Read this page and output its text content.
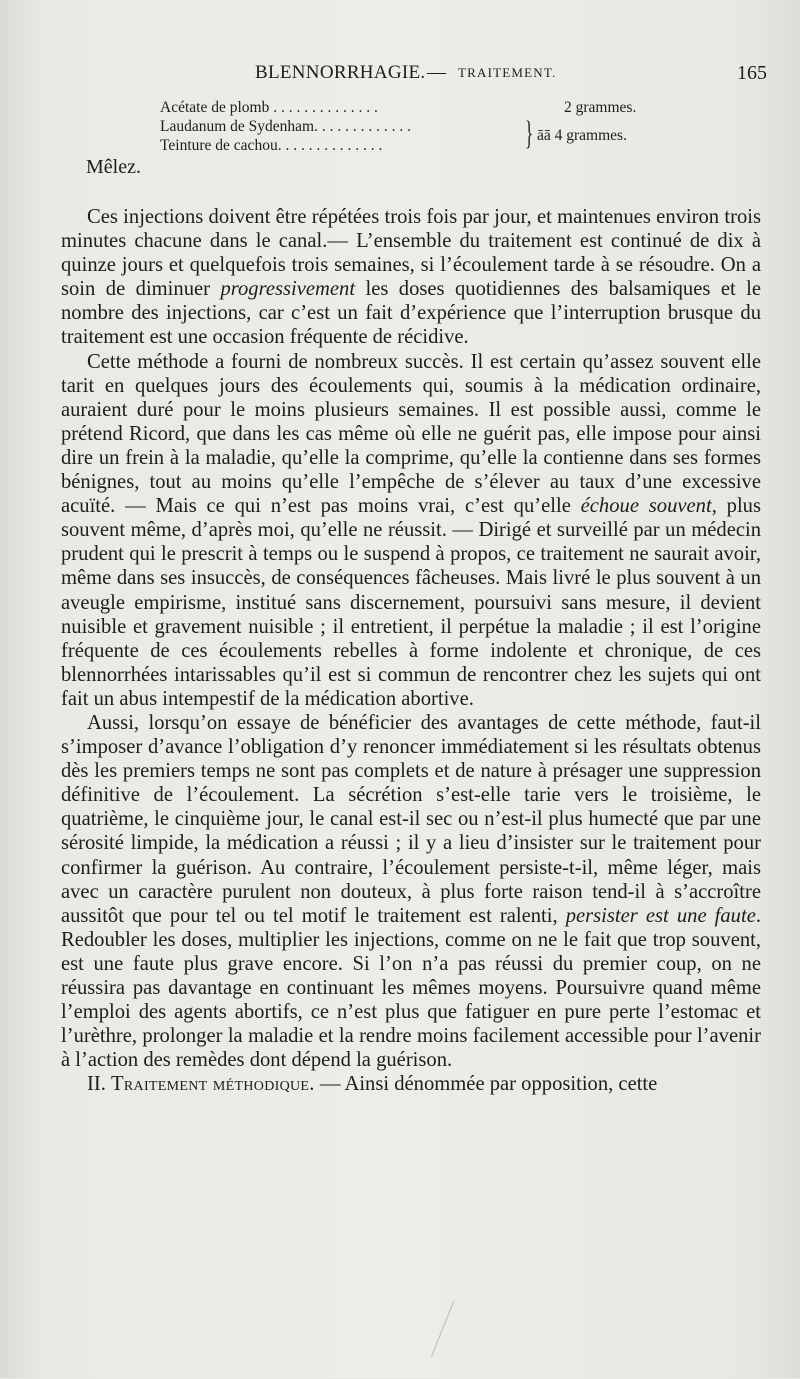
BLENNORRHAGIE. — TRAITEMENT.	165
Acétate de plomb . . . . . . . . . . . . . .	2 grammes.
Laudanum de Sydenham. . . . . . . . . . . . .
Teinture de cachou. . . . . . . . . . . . . .	} āā 4 grammes.
Mêlez.

Ces injections doivent être répétées trois fois par jour, et maintenues environ trois minutes chacune dans le canal.— L’ensemble du traitement est continué de dix à quinze jours et quelquefois trois semaines, si l’écoulement tarde à se résoudre. On a soin de diminuer progressivement les doses quotidiennes des balsamiques et le nombre des injections, car c’est un fait d’expérience que l’interruption brusque du traitement est une occasion fréquente de récidive.

Cette méthode a fourni de nombreux succès. Il est certain qu’assez souvent elle tarit en quelques jours des écoulements qui, soumis à la médication ordinaire, auraient duré pour le moins plusieurs semaines. Il est possible aussi, comme le prétend Ricord, que dans les cas même où elle ne guérit pas, elle impose pour ainsi dire un frein à la maladie, qu’elle la comprime, qu’elle la contienne dans ses formes bénignes, tout au moins qu’elle l’empêche de s’élever au taux d’une excessive acuïté. — Mais ce qui n’est pas moins vrai, c’est qu’elle échoue souvent, plus souvent même, d’après moi, qu’elle ne réussit. — Dirigé et surveillé par un médecin prudent qui le prescrit à temps ou le suspend à propos, ce traitement ne saurait avoir, même dans ses insuccès, de conséquences fâcheuses. Mais livré le plus souvent à un aveugle empirisme, institué sans discernement, poursuivi sans mesure, il devient nuisible et gravement nuisible ; il entretient, il perpétue la maladie ; il est l’origine fréquente de ces écoulements rebelles à forme indolente et chronique, de ces blennorrhées intarissables qu’il est si commun de rencontrer chez les sujets qui ont fait un abus intempestif de la médication abortive.

Aussi, lorsqu’on essaye de bénéficier des avantages de cette méthode, faut-il s’imposer d’avance l’obligation d’y renoncer immédiatement si les résultats obtenus dès les premiers temps ne sont pas complets et de nature à présager une suppression définitive de l’écoulement. La sécrétion s’est-elle tarie vers le troisième, le quatrième, le cinquième jour, le canal est-il sec ou n’est-il plus humecté que par une sérosité limpide, la médication a réussi ; il y a lieu d’insister sur le traitement pour confirmer la guérison. Au contraire, l’écoulement persiste-t-il, même léger, mais avec un caractère purulent non douteux, à plus forte raison tend-il à s’accroître aussitôt que pour tel ou tel motif le traitement est ralenti, persister est une faute. Redoubler les doses, multiplier les injections, comme on ne le fait que trop souvent, est une faute plus grave encore. Si l’on n’a pas réussi du premier coup, on ne réussira pas davantage en continuant les mêmes moyens. Poursuivre quand même l’emploi des agents abortifs, ce n’est plus que fatiguer en pure perte l’estomac et l’urèthre, prolonger la maladie et la rendre moins facilement accessible pour l’avenir à l’action des remèdes dont dépend la guérison.

II. Traitement méthodique. — Ainsi dénommée par opposition, cette
